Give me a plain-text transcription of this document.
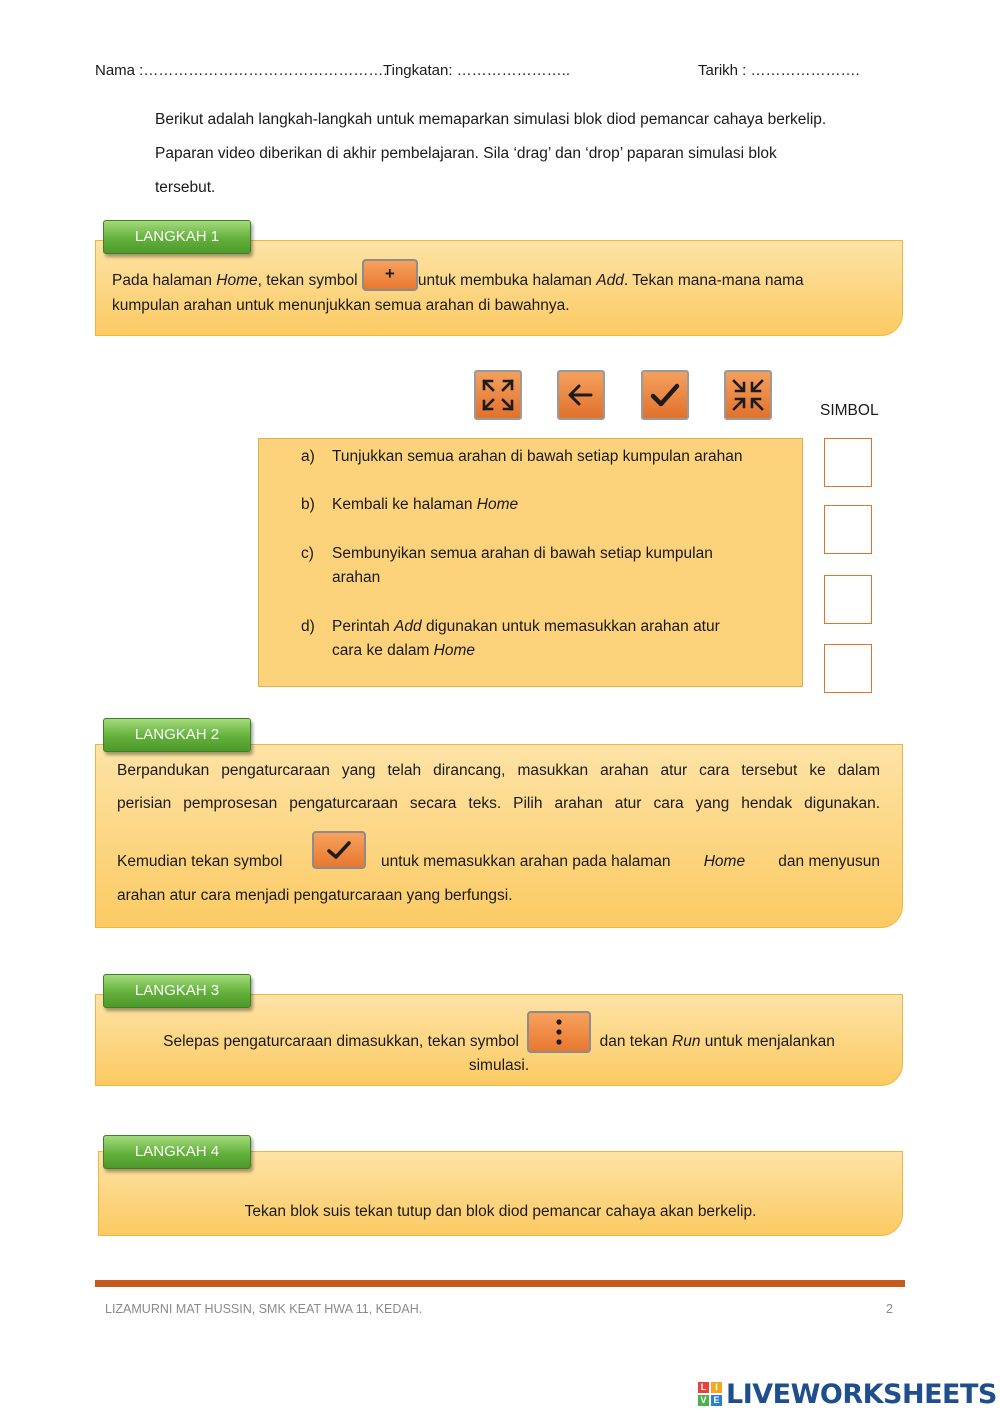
Nama :………………………………………….
Tingkatan: …………………..	Tarikh : ………………….
Berikut adalah langkah-langkah untuk memaparkan simulasi blok diod pemancar cahaya berkelip.
Paparan video diberikan di akhir pembelajaran. Sila ‘drag’ dan ‘drop’ paparan simulasi blok
tersebut.
Pada halaman Home, tekan symbol + untuk membuka halaman Add. Tekan mana-mana nama
kumpulan arahan untuk menunjukkan semua arahan di bawahnya.
LANGKAH 1
SIMBOL
a) Tunjukkan semua arahan di bawah setiap kumpulan arahan
b) Kembali ke halaman Home
c) Sembunyikan semua arahan di bawah setiap kumpulan
arahan
d) Perintah Add digunakan untuk memasukkan arahan atur
cara ke dalam Home
Berpandukan pengaturcaraan yang telah dirancang, masukkan arahan atur cara tersebut ke dalam
perisian pemprosesan pengaturcaraan secara teks. Pilih arahan atur cara yang hendak digunakan.
Kemudian tekan symbol	untuk memasukkan arahan pada halaman Home dan menyusun
arahan atur cara menjadi pengaturcaraan yang berfungsi.
LANGKAH 2
Selepas pengaturcaraan dimasukkan, tekan symbol	dan tekan Run untuk menjalankan
simulasi.
LANGKAH 3
Tekan blok suis tekan tutup dan blok diod pemancar cahaya akan berkelip.
LANGKAH 4
LIZAMURNI MAT HUSSIN, SMK KEAT HWA 11, KEDAH.	2
L I
V E LIVEWORKSHEETS
